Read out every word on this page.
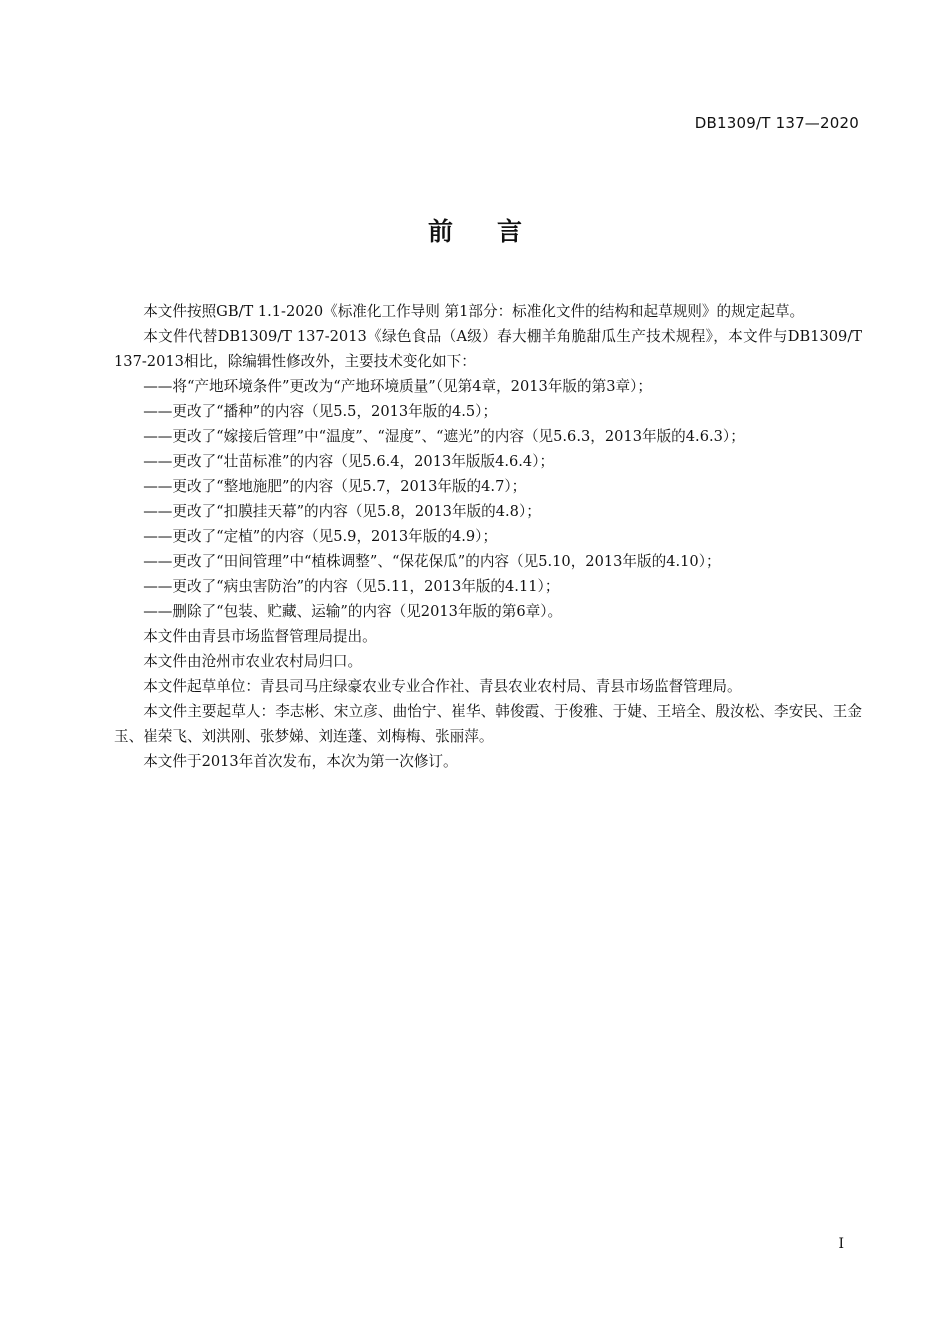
DB1309/T 137—2020
前言

本文件按照GB/T 1.1-2020《标准化工作导则 第1部分：标准化文件的结构和起草规则》的规定起草。

本文件代替DB1309/T 137-2013《绿色食品（A级）春大棚羊角脆甜瓜生产技术规程》，本文件与DB1309/T 137-2013相比，除编辑性修改外，主要技术变化如下：

——将“产地环境条件”更改为“产地环境质量”（见第4章，2013年版的第3章）；

——更改了“播种”的内容（见5.5，2013年版的4.5）；

——更改了“嫁接后管理”中“温度”、“湿度”、“遮光”的内容（见5.6.3，2013年版的4.6.3）；

——更改了“壮苗标准”的内容（见5.6.4，2013年版版4.6.4）；

——更改了“整地施肥”的内容（见5.7，2013年版的4.7）；

——更改了“扣膜挂天幕”的内容（见5.8，2013年版的4.8）；

——更改了“定植”的内容（见5.9，2013年版的4.9）；

——更改了“田间管理”中“植株调整”、“保花保瓜”的内容（见5.10，2013年版的4.10）；

——更改了“病虫害防治”的内容（见5.11，2013年版的4.11）；

——删除了“包装、贮藏、运输”的内容（见2013年版的第6章）。

本文件由青县市场监督管理局提出。

本文件由沧州市农业农村局归口。

本文件起草单位：青县司马庄绿豪农业专业合作社、青县农业农村局、青县市场监督管理局。

本文件主要起草人：李志彬、宋立彦、曲怡宁、崔华、韩俊霞、于俊雅、于婕、王培全、殷汝松、李安民、王金玉、崔荣飞、刘洪刚、张梦娣、刘连蓬、刘梅梅、张丽萍。

本文件于2013年首次发布，本次为第一次修订。

I
